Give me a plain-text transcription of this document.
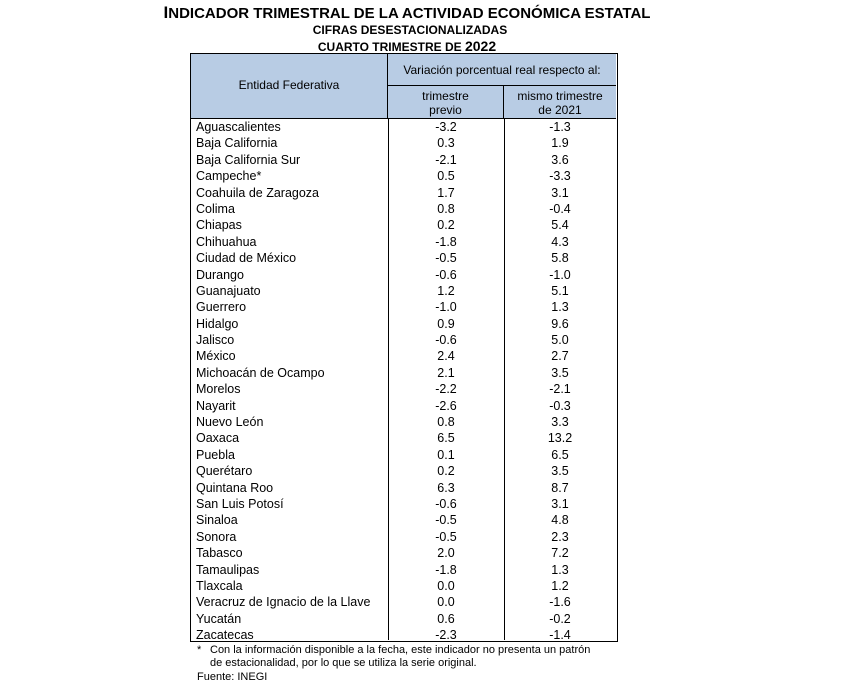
INDICADOR TRIMESTRAL DE LA ACTIVIDAD ECONÓMICA ESTATAL
CIFRAS DESESTACIONALIZADAS
CUARTO TRIMESTRE DE 2022
Entidad Federativa
Variación porcentual real respecto al:
trimestre previo
mismo trimestre de 2021
Aguascalientes	-3.2	-1.3
Baja California	0.3	1.9
Baja California Sur	-2.1	3.6
Campeche*	0.5	-3.3
Coahuila de Zaragoza	1.7	3.1
Colima	0.8	-0.4
Chiapas	0.2	5.4
Chihuahua	-1.8	4.3
Ciudad de México	-0.5	5.8
Durango	-0.6	-1.0
Guanajuato	1.2	5.1
Guerrero	-1.0	1.3
Hidalgo	0.9	9.6
Jalisco	-0.6	5.0
México	2.4	2.7
Michoacán de Ocampo	2.1	3.5
Morelos	-2.2	-2.1
Nayarit	-2.6	-0.3
Nuevo León	0.8	3.3
Oaxaca	6.5	13.2
Puebla	0.1	6.5
Querétaro	0.2	3.5
Quintana Roo	6.3	8.7
San Luis Potosí	-0.6	3.1
Sinaloa	-0.5	4.8
Sonora	-0.5	2.3
Tabasco	2.0	7.2
Tamaulipas	-1.8	1.3
Tlaxcala	0.0	1.2
Veracruz de Ignacio de la Llave	0.0	-1.6
Yucatán	0.6	-0.2
Zacatecas	-2.3	-1.4
* Con la información disponible a la fecha, este indicador no presenta un patrón
de estacionalidad, por lo que se utiliza la serie original.
Fuente: INEGI
